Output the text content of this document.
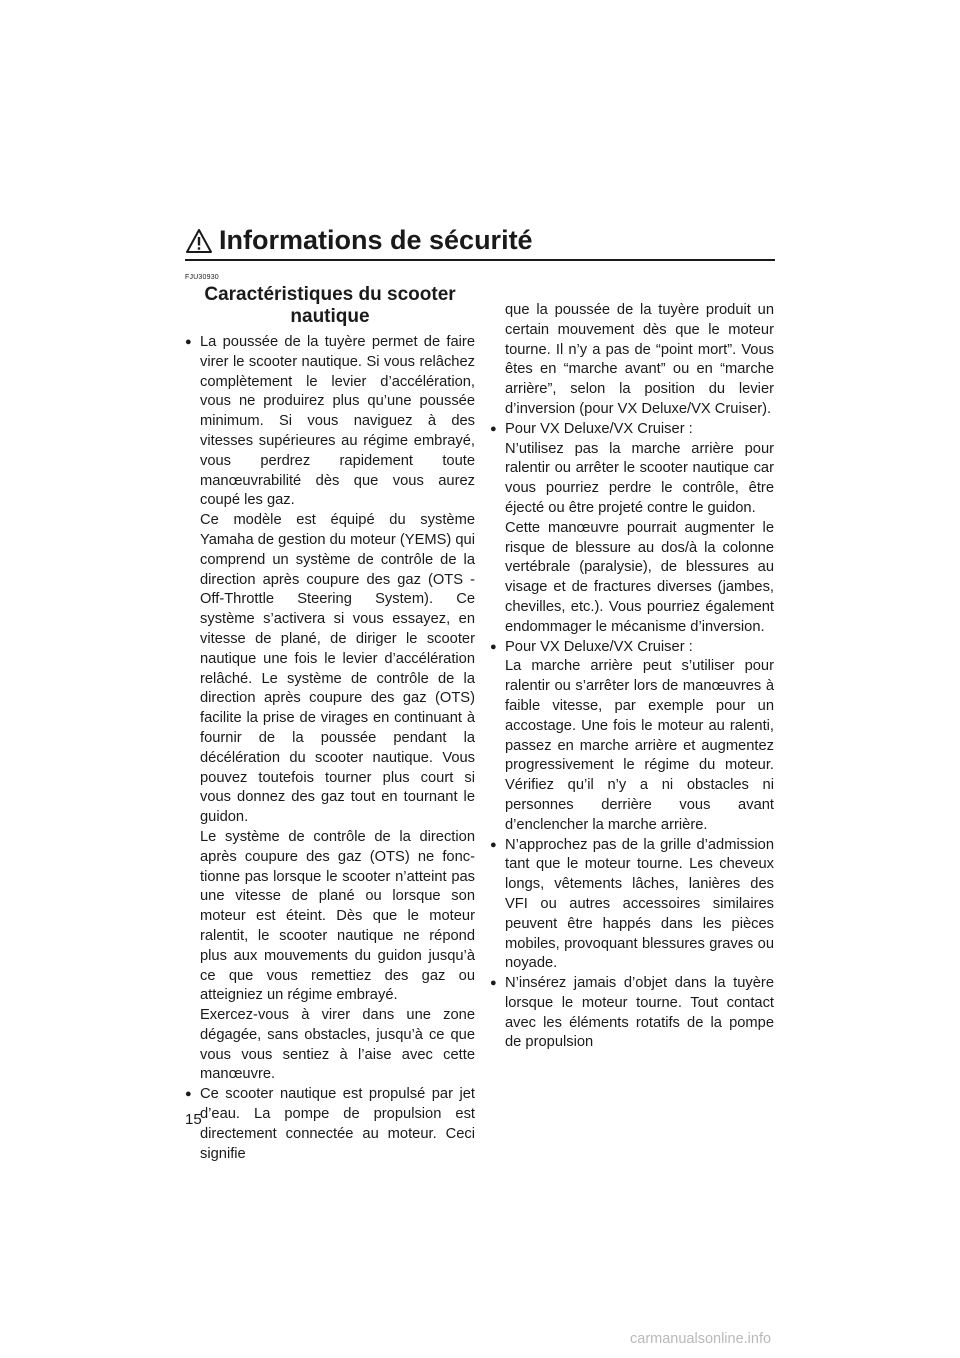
Informations de sécurité
FJU30930
Caractéristiques du scooter
nautique
● La poussée de la tuyère permet de faire virer le scooter nautique. Si vous relâchez complètement le levier d’accélération, vous ne produirez plus qu’une poussée minimum. Si vous naviguez à des vitesses supérieures au régime embrayé, vous perdrez rapidement toute manœuvrabilité dès que vous aurez coupé les gaz.

Ce modèle est équipé du système Yamaha de gestion du moteur (YEMS) qui comprend un système de contrôle de la direction après coupure des gaz (OTS - Off-Throttle Steering System). Ce système s’activera si vous essayez, en vitesse de plané, de diriger le scooter nautique une fois le levier d’accélération relâché. Le système de contrôle de la direction après coupure des gaz (OTS) facilite la prise de virages en continuant à fournir de la poussée pendant la décélération du scooter nautique. Vous pouvez toutefois tourner plus court si vous donnez des gaz tout en tournant le guidon.

Le système de contrôle de la direction après coupure des gaz (OTS) ne fonctionne pas lorsque le scooter n’atteint pas une vitesse de plané ou lorsque son moteur est éteint. Dès que le moteur ralentit, le scooter nautique ne répond plus aux mouvements du guidon jusqu’à ce que vous remettiez des gaz ou atteigniez un régime embrayé.

Exercez-vous à virer dans une zone dégagée, sans obstacles, jusqu’à ce que vous vous sentiez à l’aise avec cette manœuvre.

● Ce scooter nautique est propulsé par jet d’eau. La pompe de propulsion est directement connectée au moteur. Ceci signifie

que la poussée de la tuyère produit un certain mouvement dès que le moteur tourne. Il n’y a pas de “point mort”. Vous êtes en “marche avant” ou en “marche arrière”, selon la position du levier d’inversion (pour VX Deluxe/VX Cruiser).

● Pour VX Deluxe/VX Cruiser :

N’utilisez pas la marche arrière pour ralentir ou arrêter le scooter nautique car vous pourriez perdre le contrôle, être éjecté ou être projeté contre le guidon.

Cette manœuvre pourrait augmenter le risque de blessure au dos/à la colonne vertébrale (paralysie), de blessures au visage et de fractures diverses (jambes, chevilles, etc.). Vous pourriez également endommager le mécanisme d’inversion.

● Pour VX Deluxe/VX Cruiser :

La marche arrière peut s’utiliser pour ralentir ou s’arrêter lors de manœuvres à faible vitesse, par exemple pour un accostage. Une fois le moteur au ralenti, passez en marche arrière et augmentez progressivement le régime du moteur. Vérifiez qu’il n’y a ni obstacles ni personnes derrière vous avant d’enclencher la marche arrière.

● N’approchez pas de la grille d’admission tant que le moteur tourne. Les cheveux longs, vêtements lâches, lanières des VFI ou autres accessoires similaires peuvent être happés dans les pièces mobiles, provoquant blessures graves ou noyade.

● N’insérez jamais d’objet dans la tuyère lorsque le moteur tourne. Tout contact avec les éléments rotatifs de la pompe de propulsion

15
carmanualsonline.info
